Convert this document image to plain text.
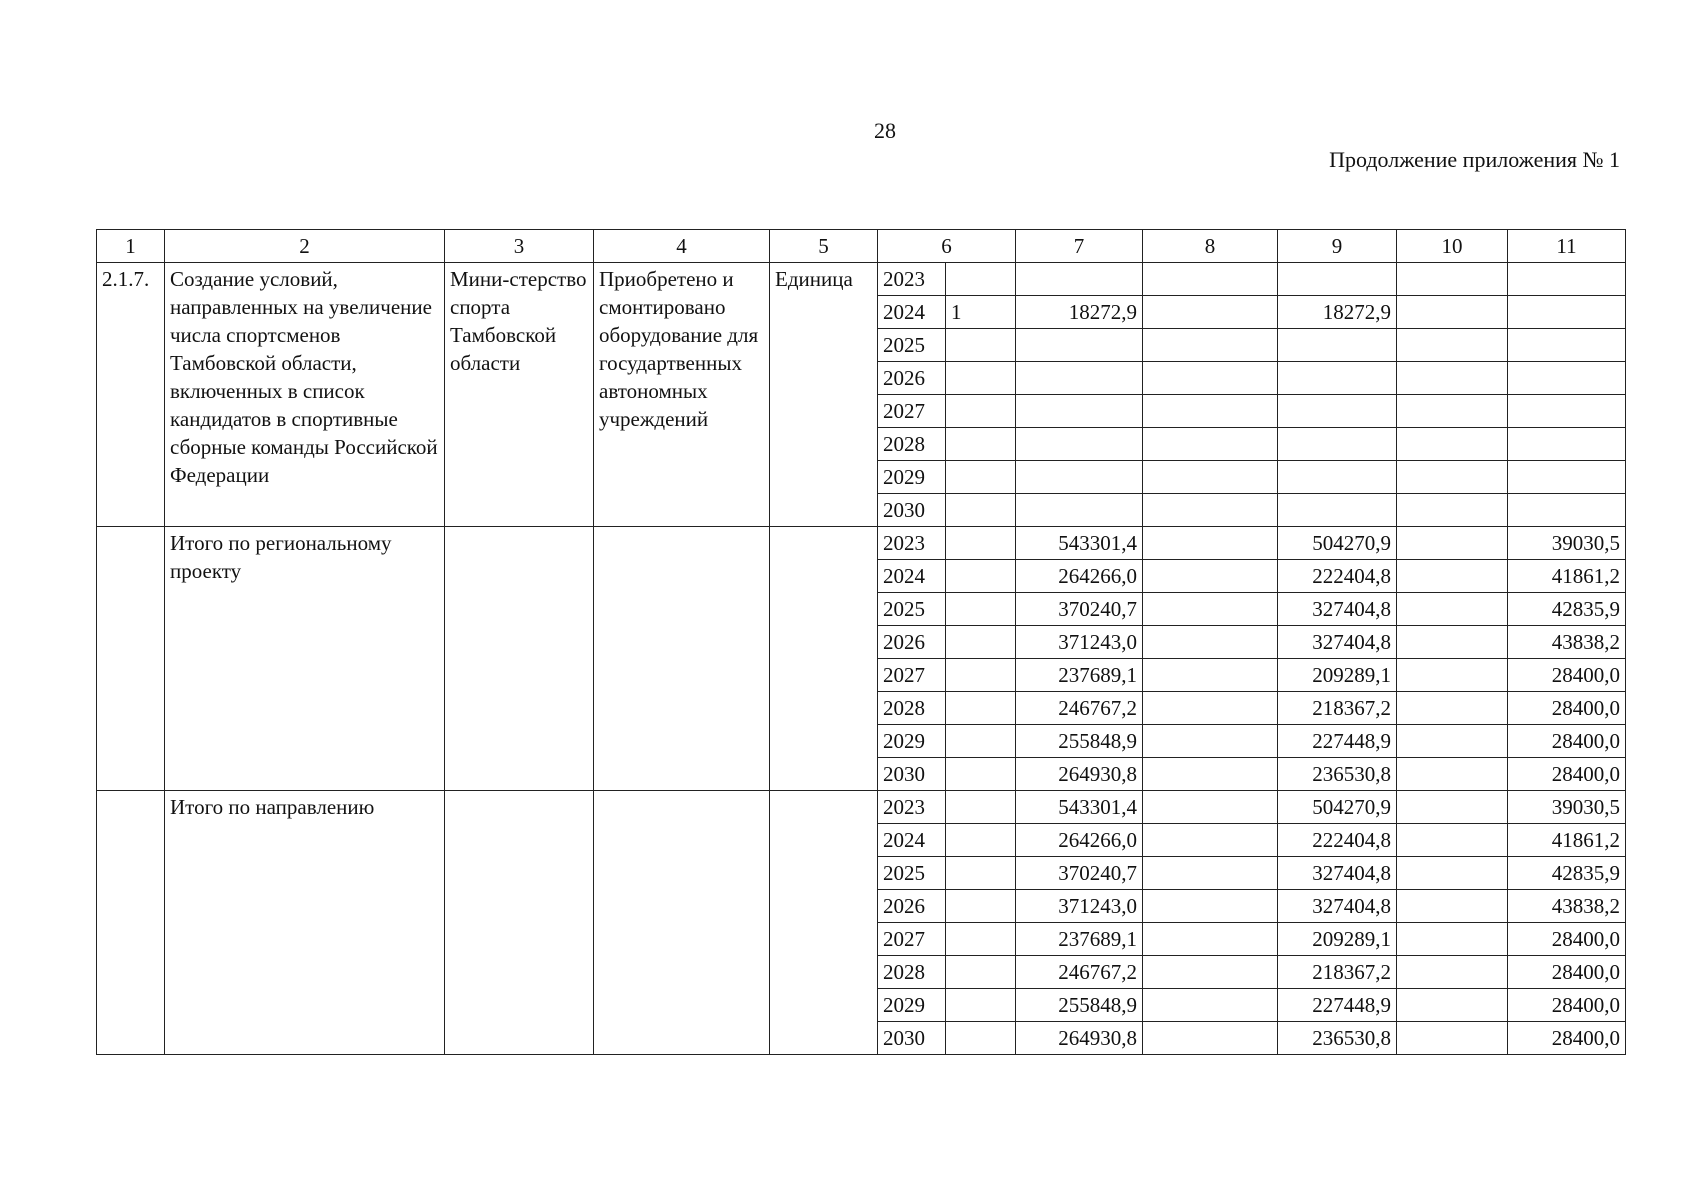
28
Продолжение приложения № 1
1	2	3	4	5	6		7	8	9	10	11
2.1.7.	Создание условий, направленных на увеличение числа спортсменов Тамбовской области, включенных в список кандидатов в спортивные сборные команды Российской Федерации	Мини-стерство спорта Тамбовской области	Приобретено и смонтировано оборудование для государтвенных автономных учреждений	Единица	2023						
					2024	1	18272,9		18272,9		
					2025						
					2026						
					2027						
					2028						
					2029						
					2030						
	Итого по региональному проекту				2023		543301,4		504270,9		39030,5
					2024		264266,0		222404,8		41861,2
					2025		370240,7		327404,8		42835,9
					2026		371243,0		327404,8		43838,2
					2027		237689,1		209289,1		28400,0
					2028		246767,2		218367,2		28400,0
					2029		255848,9		227448,9		28400,0
					2030		264930,8		236530,8		28400,0
	Итого по направлению				2023		543301,4		504270,9		39030,5
					2024		264266,0		222404,8		41861,2
					2025		370240,7		327404,8		42835,9
					2026		371243,0		327404,8		43838,2
					2027		237689,1		209289,1		28400,0
					2028		246767,2		218367,2		28400,0
					2029		255848,9		227448,9		28400,0
					2030		264930,8		236530,8		28400,0
